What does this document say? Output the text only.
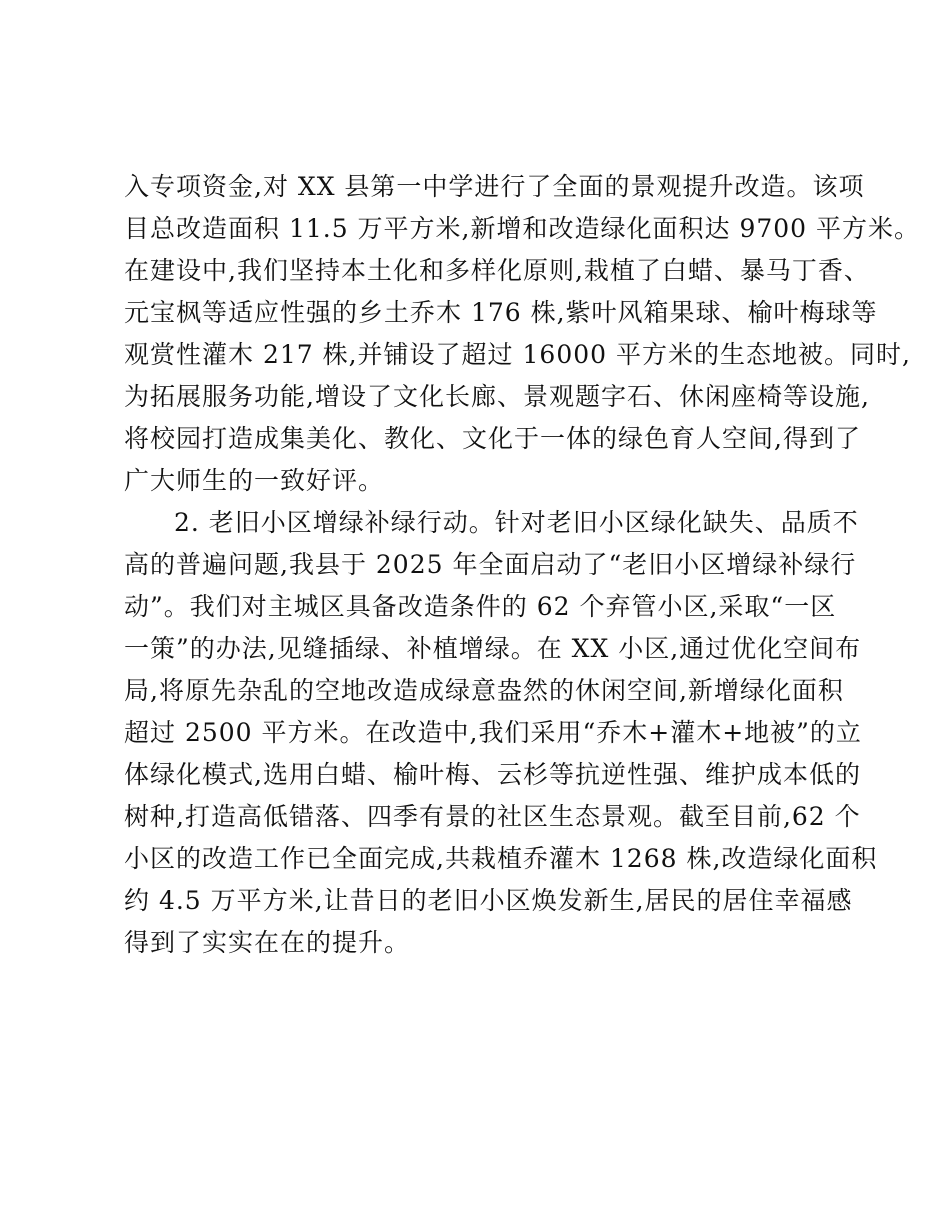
入专项资金,对 XX 县第一中学进行了全面的景观提升改造。该项
目总改造面积 11.5 万平方米,新增和改造绿化面积达 9700 平方米。
在建设中,我们坚持本土化和多样化原则,栽植了白蜡、暴马丁香、
元宝枫等适应性强的乡土乔木 176 株,紫叶风箱果球、榆叶梅球等
观赏性灌木 217 株,并铺设了超过 16000 平方米的生态地被。同时,
为拓展服务功能,增设了文化长廊、景观题字石、休闲座椅等设施,
将校园打造成集美化、教化、文化于一体的绿色育人空间,得到了
广大师生的一致好评。
2. 老旧小区增绿补绿行动。针对老旧小区绿化缺失、品质不
高的普遍问题,我县于 2025 年全面启动了“老旧小区增绿补绿行
动”。我们对主城区具备改造条件的 62 个弃管小区,采取“一区
一策”的办法,见缝插绿、补植增绿。在 XX 小区,通过优化空间布
局,将原先杂乱的空地改造成绿意盎然的休闲空间,新增绿化面积
超过 2500 平方米。在改造中,我们采用“乔木+灌木+地被”的立
体绿化模式,选用白蜡、榆叶梅、云杉等抗逆性强、维护成本低的
树种,打造高低错落、四季有景的社区生态景观。截至目前,62 个
小区的改造工作已全面完成,共栽植乔灌木 1268 株,改造绿化面积
约 4.5 万平方米,让昔日的老旧小区焕发新生,居民的居住幸福感
得到了实实在在的提升。
